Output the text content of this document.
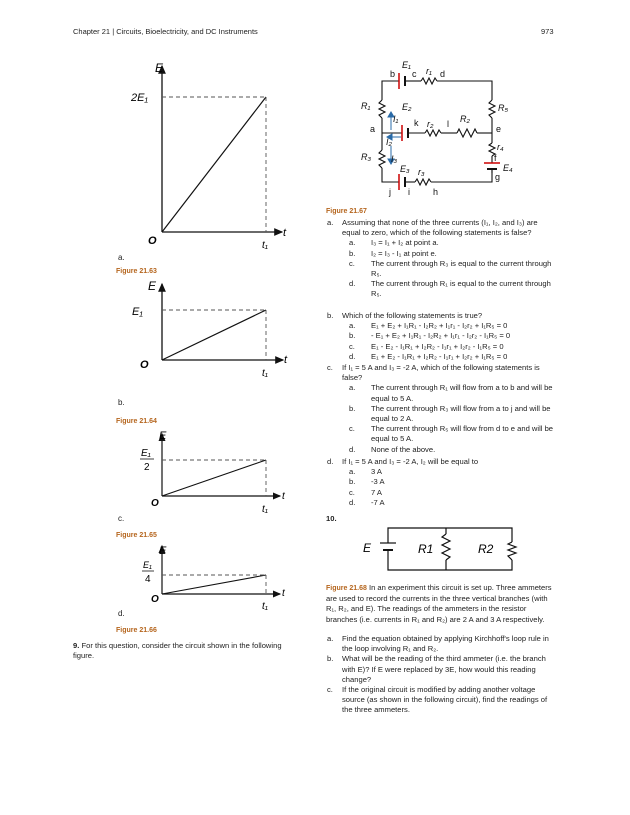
Chapter 21 | Circuits, Bioelectricity, and DC Instruments	973
E
t
2E₁
t₁
O
a.
Figure 21.63
E
t
E₁
t₁
O
b.
Figure 21.64
E
t
E₁
2
t₁
O
c.
Figure 21.65
E
t
E₁
4
t₁
O
d.
Figure 21.66
9. For this question, consider the circuit shown in the following figure.
E₁
b c r₁ d
R₁	E₂
R₂
R₅
I₁	r₂
k	l
a	e
I₂	r₄
R₃ I₃	f
E₄
g
E₃ r₃
j i	h
Figure 21.67
a.	Assuming that none of the three currents (I₁, I₂, and I₃) are equal to zero, which of the following statements is false?
a.	I₃ = I₁ + I₂ at point a.
b.	I₂ = I₃ - I₁ at point e.
c.	The current through R₃ is equal to the current through R₅.
d.	The current through R₁ is equal to the current through R₅.
b.	Which of the following statements is true?
a.	E₁ + E₂ + I₁R₁ - I₂R₂ + I₁r₁ - I₂r₂ + I₁R₅ = 0
b.	- E₁ + E₂ + I₁R₁ - I₂R₂ + I₁r₁ - I₂r₂ - I₁R₅ = 0
c.	E₁ - E₂ - I₁R₁ + I₂R₂ - I₁r₁ + I₂r₂ - I₁R₅ = 0
d.	E₁ + E₂ - I₁R₁ + I₂R₂ - I₁r₁ + I₂r₂ + I₁R₅ = 0
c.	If I₁ = 5 A and I₃ = -2 A, which of the following statements is false?
a.	The current through R₁ will flow from a to b and will be equal to 5 A.
b.	The current through R₃ will flow from a to j and will be equal to 2 A.
c.	The current through R₅ will flow from d to e and will be equal to 5 A.
d.	None of the above.
d.	If I₁ = 5 A and I₃ = -2 A, I₂ will be equal to
a.	3 A
b.	-3 A
c.	7 A
d.	-7 A
10.
E	R1	R2
Figure 21.68 In an experiment this circuit is set up. Three ammeters are used to record the currents in the three vertical branches (with R₁, R₂, and E). The readings of the ammeters in the resistor branches (i.e. currents in R₁ and R₂) are 2 A and 3 A respectively.
a.	Find the equation obtained by applying Kirchhoff's loop rule in the loop involving R₁ and R₂.
b.	What will be the reading of the third ammeter (i.e. the branch with E)? If E were replaced by 3E, how would this reading change?
c.	If the original circuit is modified by adding another voltage source (as shown in the following circuit), find the readings of the three ammeters.
